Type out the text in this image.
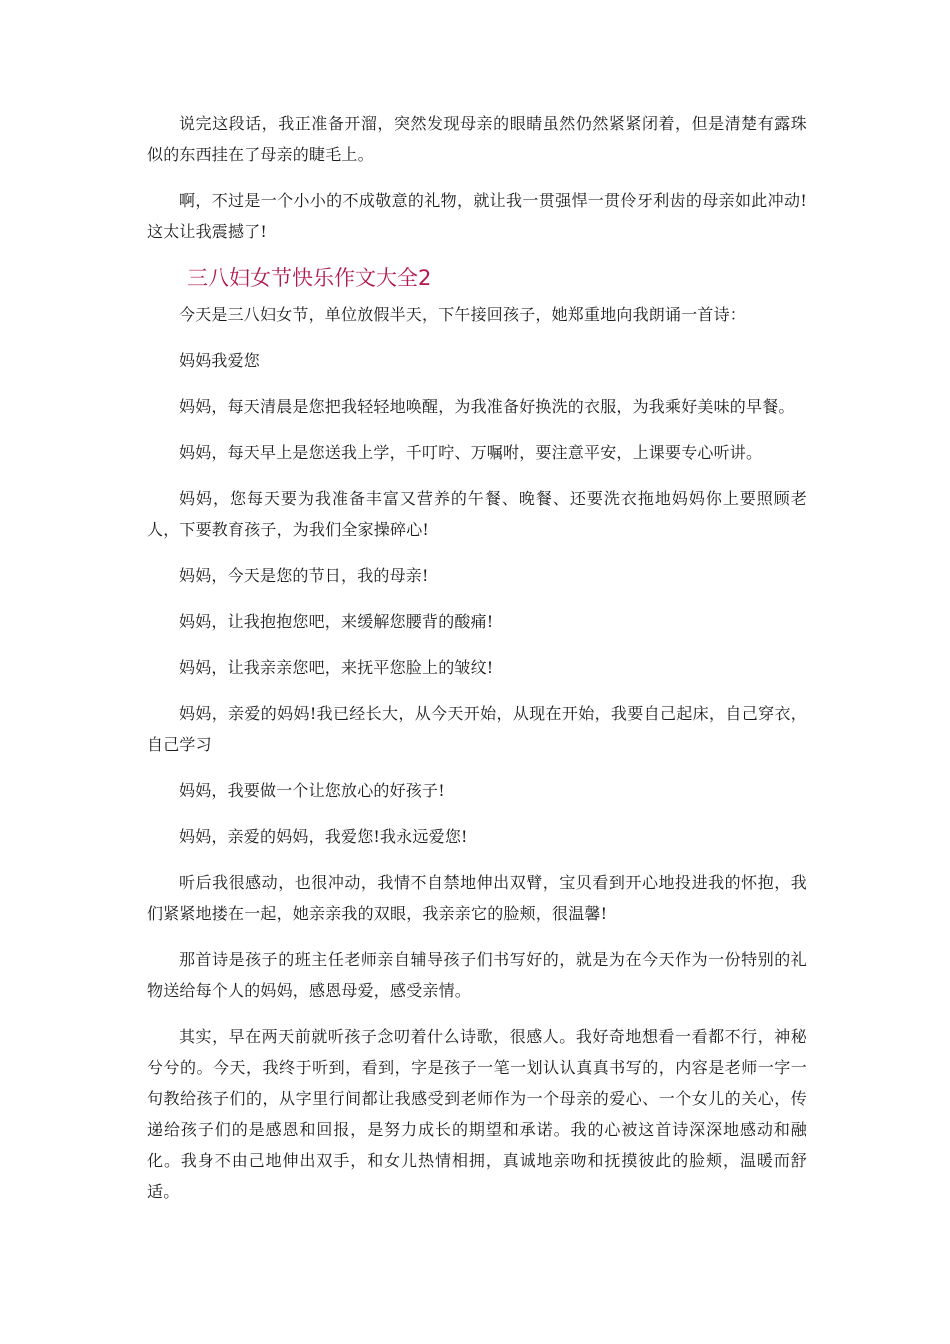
说完这段话，我正准备开溜，突然发现母亲的眼睛虽然仍然紧紧闭着，但是清楚有露珠似的东西挂在了母亲的睫毛上。

啊，不过是一个小小的不成敬意的礼物，就让我一贯强悍一贯伶牙利齿的母亲如此冲动!这太让我震撼了!

三八妇女节快乐作文大全2

今天是三八妇女节，单位放假半天，下午接回孩子，她郑重地向我朗诵一首诗：

妈妈我爱您

妈妈，每天清晨是您把我轻轻地唤醒，为我准备好换洗的衣服，为我乘好美味的早餐。

妈妈，每天早上是您送我上学，千叮咛、万嘱咐，要注意平安，上课要专心听讲。

妈妈，您每天要为我准备丰富又营养的午餐、晚餐、还要洗衣拖地妈妈你上要照顾老人，下要教育孩子，为我们全家操碎心!

妈妈，今天是您的节日，我的母亲!

妈妈，让我抱抱您吧，来缓解您腰背的酸痛!

妈妈，让我亲亲您吧，来抚平您脸上的皱纹!

妈妈，亲爱的妈妈!我已经长大，从今天开始，从现在开始，我要自己起床，自己穿衣，自己学习

妈妈，我要做一个让您放心的好孩子!

妈妈，亲爱的妈妈，我爱您!我永远爱您!

听后我很感动，也很冲动，我情不自禁地伸出双臂，宝贝看到开心地投进我的怀抱，我们紧紧地搂在一起，她亲亲我的双眼，我亲亲它的脸颊，很温馨!

那首诗是孩子的班主任老师亲自辅导孩子们书写好的，就是为在今天作为一份特别的礼物送给每个人的妈妈，感恩母爱，感受亲情。

其实，早在两天前就听孩子念叨着什么诗歌，很感人。我好奇地想看一看都不行，神秘兮兮的。今天，我终于听到，看到，字是孩子一笔一划认认真真书写的，内容是老师一字一句教给孩子们的，从字里行间都让我感受到老师作为一个母亲的爱心、一个女儿的关心，传递给孩子们的是感恩和回报，是努力成长的期望和承诺。我的心被这首诗深深地感动和融化。我身不由己地伸出双手，和女儿热情相拥，真诚地亲吻和抚摸彼此的脸颊，温暖而舒适。
